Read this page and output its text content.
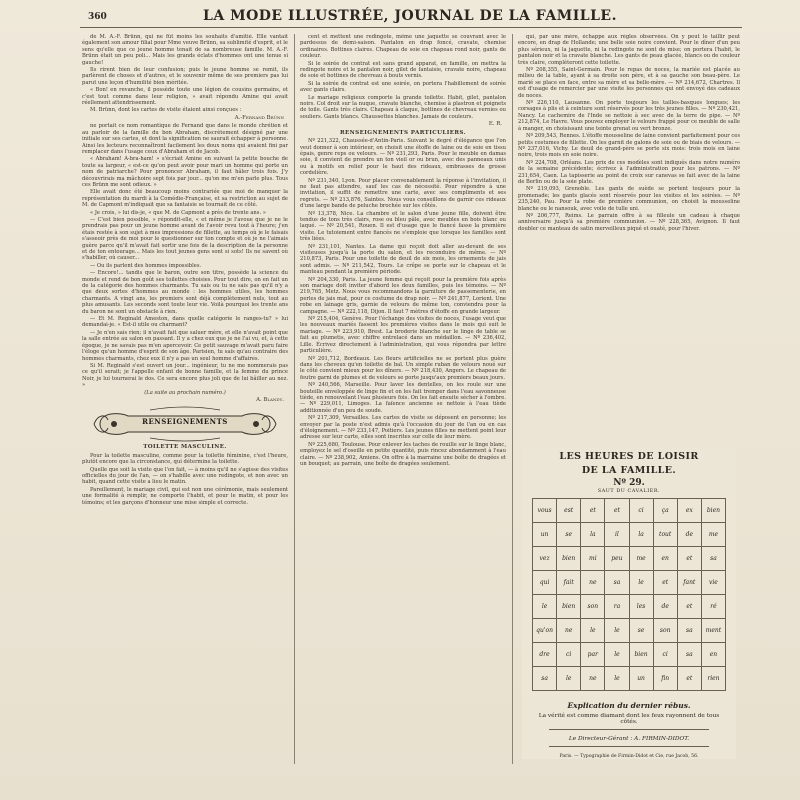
360	LA MODE ILLUSTRÉE, JOURNAL DE LA FAMILLE.

de M. A.-F. Brünn, qui ne fût moins les souhaits d'amitié. Elle vantait également son amour filial pour Mme veuve Brünn, sa sublimité d'esprit, et le sens qu'elle que ce jeune homme tenait de sa nombreuse famille. M. A.-F. Brünn était un peu poli... Mais les grands éclats d'hommes ont une tenue si gauche!

Ils rirent bien de leur confusion; puis le jeune homme se remit, ils parlèrent de choses et d'autres, et le souvenir même de ses premiers pas lui parut une leçon d'humilité bien méritée.

« Bon! en revanche, il possède toute une légion de cousins germains, et c'est tout comme dans leur religion, » avait répondu Amine qui avait réellement attendrissement.

M. Brünn, dont les cartes de visite étaient ainsi conçues :

A.-Fernand Brünn

ne portait ce nom romantique de Fernand que dans le monde chrétien et au parloir de la famille du bon Abraham, discrètement désigné par une initiale sur ses cartes, et dont la signification ne saurait échapper à personne. Ainsi les lecteurs reconnaîtront facilement les doux noms qui avaient fini par remplacer dans l'usage ceux d'Abraham et de Jacob.

« Abraham! A-bra-ham! » s'écriait Amine en suivant la petite bouche de toute sa largeur, « est-ce qu'on peut avoir pour mari un homme qui porte un nom de patriarche? Pour prononcer Abraham, il faut hâler trois fois. J'y découvrirais ma mâchoire sept fois par jour... qu'on me m'en parle plus. Tous ces Brünn me sont odieux. »

Elle avait donc été beaucoup moins contrariée que moi de manquer la représentation du mardi à la Comédie-Française, et sa restriction au sujet de M. de Capmont m'indiquait que sa fantaisie se tournait de ce côté.

« Je crois, » lui dis-je, « que M. de Capmont a près de trente ans. »

— C'est bien possible, » répondit-elle, « et même je l'avoue que je ne le prendrais pas pour un jeune homme avant de l'avoir revu tout à l'heure; j'en étais restée à son sujet à mes impressions de fillette, au temps où je le faisais s'asseoir près de moi pour le questionner sur ton compte et où je ne l'aimais guère parce qu'il m'avait fait sortir une fois de la description de la personne et de ton entourage... Mais les tout jeunes gens sont si sots! Ils ne savent où s'habiller, où causer...

— Ou ils parlent des hommes impossibles.

— Encore!... tandis que le baron, outre son titre, possède la science du monde et rend de bon goût ses toilettes choisies. Pour tout dire, on en fait un de la catégorie des hommes charmants. Tu sais ou tu ne sais pas qu'il n'y a que deux sortes d'hommes au monde : les hommes utiles, les hommes charmants. A vingt ans, les premiers sont déjà complètement nuls, tout au plus amusants. Les seconds sont toute leur vie. Voilà pourquoi les trente ans du baron ne sont un obstacle à rien.

— Et M. Reginald Ameston, dans quelle catégorie le ranges-tu? » lui demandai-je. « Est-il utile ou charmant?

— Je n'en sais rien; il n'avait fait que saluer mère, et elle n'avait point que la salle entrée au salon en passant. Il y a chez eux que je ne l'ai vu, et, à cette époque, je ne savais pas m'en apercevoir. Ce petit sauvage m'avait paru faire l'éloge qu'un homme d'esprit de son âge. Parisien, tu sais qu'au contraire des hommes charmants, chez eux il n'y a pas un seul homme d'affaires.

Si M. Reginald s'est ouvert un jour... ingénieur, tu ne me nommerais pas ce qu'il serait; je l'appelle enfant de bonne famille, et la femme du prince Noir, je lui tournerai le dos. Ce sera encore plus joli que de lui bâiller au nez. »

(La suite au prochain numéro.)
A. Blandy.
RENSEIGNEMENTS
TOILETTE MASCULINE.

Pour la toilette masculine, comme pour la toilette féminine, c'est l'heure, plutôt encore que la circonstance, qui détermine la toilette.

Quelle que soit la visite que l'on fait, — à moins qu'il ne s'agisse des visites officielles du jour de l'an, — on s'habille avec une redingote, et non avec un habit, quand cette visite a lieu le matin.

Pareillement, le mariage civil, qui est non une cérémonie, mais seulement une formalité à remplir, ne comporte l'habit, et pour le matin, et pour les témoins; et les garçons d'honneur une mise simple et correcte.

cent et mettent une redingote, même une jaquette se couvrant avec le pardessus de demi-saison. Pantalon en drap foncé, cravate, chemise ordinaires. Bottines claires. Chapeau de soie en chapeau rond noir, gants de couleur.

Si le soirée de contrat est sans grand apparat, en famille, on mettra la redingote noire et le pantalon noir, gilet de fantaisie, cravate noire, chapeau de soie et bottines de chevreau à bouts vernis.

Si la soirée de contrat est une soirée, on portera l'habillement de soirée avec gants clairs.

Le mariage religieux comporte la grande toilette. Habit, gilet, pantalon noirs. Col droit sur la nuque, cravate blanche, chemise à plastron et poignets de toile. Gants très clairs. Chapeau à claque, bottines de chevreau vernies ou souliers. Gants blancs. Chaussettes blanches. Jamais de couleurs.

E. R.
RENSEIGNEMENTS PARTICULIERS.

Nº 221,322, Chaussée-d'Antin-Paris. Suivant le degré d'élégance que l'on veut donner à son intérieur, on choisit une étoffe de laine ou de soie en tissu épais, genre reps ou velours. — Nº 231,293, Paris. Pour le meuble en damas soie, il convient de prendre un ton vieil or ou brun, avec des panneaux unis ou à motifs en relief pour le haut des rideaux, embrasses de grosse cordelière.

Nº 231,340, Lyon. Pour placer convenablement la réponse à l'invitation, il ne faut pas attendre, sauf les cas de nécessité. Pour répondre à une invitation, il suffit de remettre une carte, avec ses compliments et ses regrets. — Nº 213,876, Saintes. Nous vous conseillons de garnir ces rideaux d'une large bande de peluche brochée sur les côtés.

Nº 13,378, Nice. La chambre et le salon d'une jeune fille, doivent être tendus de tons très clairs, rose ou bleu pâle, avec meubles en bois blanc ou laqué. — Nº 20,541, Rouen. Il est d'usage que le fiancé fasse la première visite. Le tutoiement entre fiancés ne s'emploie que lorsque les familles sont très liées.

Nº 231,101, Nantes. La dame qui reçoit doit aller au-devant de ses visiteuses jusqu'à la porte du salon, et les reconduire de même. — Nº 210,873, Paris. Pour une toilette de deuil de six mois, les ornements de jais sont admis. — Nº 211,542, Tours. Le crêpe se porte sur le chapeau et le manteau pendant la première période.

Nº 204,330, Paris. La jeune femme qui reçoit pour la première fois après son mariage doit inviter d'abord les deux familles, puis les témoins. — Nº 219,765, Metz. Nous vous recommandons la garniture de passementerie, en perles de jais mat, pour ce costume de drap noir. — Nº 241,877, Lorient. Une robe en lainage gris, garnie de velours de même ton, conviendra pour la campagne. — Nº 222,118, Dijon. Il faut 7 mètres d'étoffe en grande largeur.

Nº 215,404, Genève. Pour l'échange des visites de noces, l'usage veut que les nouveaux mariés fassent les premières visites dans le mois qui suit le mariage. — Nº 223,910, Brest. La broderie blanche sur le linge de table se fait au plumetis, avec chiffre entrelacé dans un médaillon. — Nº 236,402, Lille. Écrivez directement à l'administration, qui vous répondra par lettre particulière.

Nº 201,712, Bordeaux. Les fleurs artificielles ne se portent plus guère dans les cheveux qu'en toilette de bal. Un simple ruban de velours noué sur le côté convient mieux pour les dîners. — Nº 218,430, Angers. Le chapeau de feutre garni de plumes et de velours se porte jusqu'aux premiers beaux jours.

Nº 240,566, Marseille. Pour laver les dentelles, on les roule sur une bouteille enveloppée de linge fin et on les fait tremper dans l'eau savonneuse tiède, en renouvelant l'eau plusieurs fois. On les fait ensuite sécher à l'ombre. — Nº 229,011, Limoges. La faïence ancienne se nettoie à l'eau tiède additionnée d'un peu de soude.

Nº 217,309, Versailles. Les cartes de visite se déposent en personne; les envoyer par la poste n'est admis qu'à l'occasion du jour de l'an ou en cas d'éloignement. — Nº 233,147, Poitiers. Les jeunes filles ne mettent point leur adresse sur leur carte, elles sont inscrites sur celle de leur mère.

Nº 225,680, Toulouse. Pour enlever les taches de rouille sur le linge blanc, employez le sel d'oseille en petite quantité, puis rincez abondamment à l'eau claire. — Nº 238,902, Amiens. On offre à la marraine une boîte de dragées et un bouquet; au parrain, une boîte de dragées seulement.

qui, par une mère, échappe aux règles observées. On y peut le taillir peut encore, en drap de Hollande; une belle soie noire convient. Pour le dîner d'un peu plus sérieux, ni la jaquette, ni la redingote ne sont de mise; on portera l'habit, le pantalon noir et la cravate blanche. Les gants de peau glacée, blancs ou de couleur très claire, complèteront cette toilette.

Nº 208,355, Saint-Germain. Pour le repas de noces, la mariée est placée au milieu de la table, ayant à sa droite son père, et à sa gauche son beau-père. Le marié se place en face, entre sa mère et sa belle-mère. — Nº 214,672, Chartres. Il est d'usage de remercier par une visite les personnes qui ont envoyé des cadeaux de noces.

Nº 226,110, Lausanne. On porte toujours les tailles-basques longues; les corsages à plis et à ceinture sont réservés pour les très jeunes filles. — Nº 230,421, Nancy. Le cachemire de l'Inde se nettoie à sec avec de la terre de pipe. — Nº 212,874, Le Havre. Vous pouvez employer le velours frappé pour ce meuble de salle à manger, en choisissant une teinte grenat ou vert bronze.

Nº 209,543, Rennes. L'étoffe mousseline de laine convient parfaitement pour ces petits costumes de fillette. On les garnit de galons de soie ou de biais de velours. — Nº 237,016, Vichy. Le deuil de grand-père se porte six mois: trois mois en laine noire, trois mois en soie noire.

Nº 224,708, Orléans. Les prix de ces modèles sont indiqués dans notre numéro de la semaine précédente; écrivez à l'administration pour les patrons. — Nº 231,654, Caen. La tapisserie au point de croix sur canevas se fait avec de la laine de Berlin ou de la soie plate.

Nº 219,093, Grenoble. Les gants de suède se portent toujours pour la promenade; les gants glacés sont réservés pour les visites et les soirées. — Nº 235,240, Pau. Pour la robe de première communion, on choisit la mousseline blanche ou le nansouk, avec voile de tulle uni.

Nº 206,777, Reims. Le parrain offre à sa filleule un cadeau à chaque anniversaire jusqu'à sa première communion. — Nº 228,365, Avignon. Il faut doubler ce manteau de satin merveilleux piqué et ouaté, pour l'hiver.

LES HEURES DE LOISIR
DE LA FAMILLE.
Nº 29.
SAUT DU CAVALIER.
vous	est	et	et	ci	ça	ex	bien
un	se	la	il	la	tout	de	me
vez	bien	mi	peu	me	en	et	sa
qui	fait	ne	sa	le	et	fant	vie
le	bien	son	ra	les	de	et	ré
qu'on	ne	le	le	se	son	sa	ment
dre	ci	par	le	bien	ci	sa	en
sa	le	ne	le	un	fin	et	rien
Explication du dernier rébus.
La vérité est comme diamant dont les feux rayonnent de tous côtés.
Le Directeur-Gérant : A. FIRMIN-DIDOT.
Paris. — Typographie de Firmin-Didot et Cie, rue Jacob, 56.
